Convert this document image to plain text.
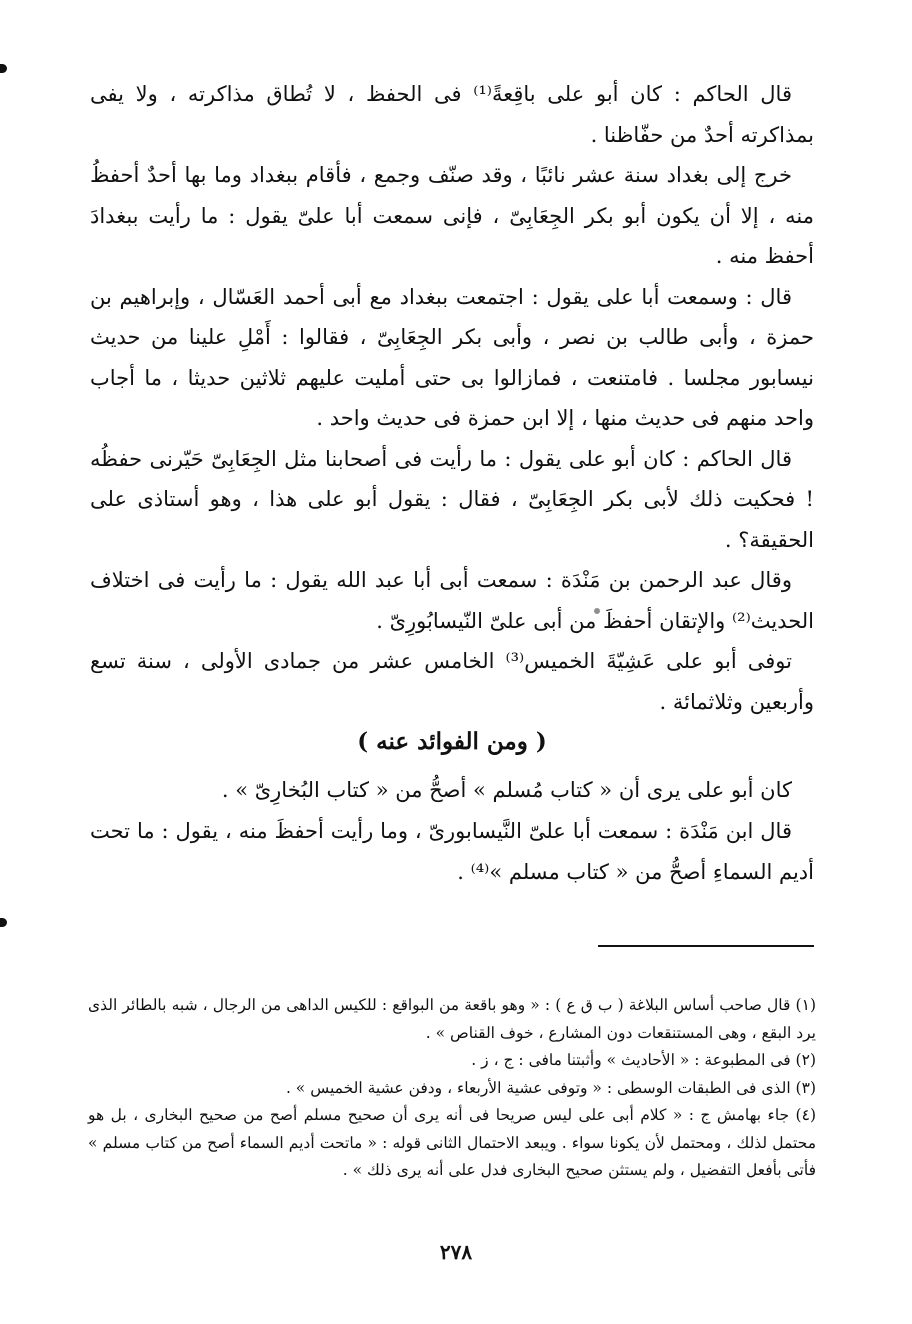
قال الحاكم : كان أبو على باقِعةً⁽¹⁾ فى الحفظ ، لا تُطاق مذاكرته ، ولا يفى بمذاكرته أحدٌ من حفّاظنا .

خرج إلى بغداد سنة عشر نائبًا ، وقد صنّف وجمع ، فأقام ببغداد وما بها أحدٌ أحفظُ منه ، إلا أن يكون أبو بكر الجِعَابِىّ ، فإنى سمعت أبا علىّ يقول : ما رأيت ببغدادَ أحفظ منه .

قال : وسمعت أبا على يقول : اجتمعت ببغداد مع أبى أحمد العَسّال ، وإبراهيم بن حمزة ، وأبى طالب بن نصر ، وأبى بكر الجِعَابِىّ ، فقالوا : أَمْلِ علينا من حديث نيسابور مجلسا . فامتنعت ، فمازالوا بى حتى أمليت عليهم ثلاثين حديثا ، ما أجاب واحد منهم فى حديث منها ، إلا ابن حمزة فى حديث واحد .

قال الحاكم : كان أبو على يقول : ما رأيت فى أصحابنا مثل الجِعَابِىّ حَيّرنى حفظُه ! فحكيت ذلك لأبى بكر الجِعَابِىّ ، فقال : يقول أبو على هذا ، وهو أستاذى على الحقيقة؟ .

وقال عبد الرحمن بن مَنْدَة : سمعت أبى أبا عبد الله يقول : ما رأيت فى اختلاف الحديث⁽²⁾ والإتقان أحفظَ من أبى علىّ النّيسابُورِىّ .

توفى أبو على عَشِيّةَ الخميس⁽³⁾ الخامس عشر من جمادى الأولى ، سنة تسع وأربعين وثلاثمائة .

( ومن الفوائد عنه )

كان أبو على يرى أن « كتاب مُسلم » أصحُّ من « كتاب البُخارِىّ » .

قال ابن مَنْدَة : سمعت أبا علىّ النَّيسابورىّ ، وما رأيت أحفظَ منه ، يقول : ما تحت أديم السماءِ أصحُّ من « كتاب مسلم »⁽⁴⁾ .

(١) قال صاحب أساس البلاغة ( ب ق ع ) : « وهو باقعة من البواقع : للكيس الداهى من الرجال ، شبه بالطائر الذى يرد البقع ، وهى المستنقعات دون المشارع ، خوف القناص » .

(٢) فى المطبوعة : « الأحاديث » وأثبتنا مافى : ج ، ز .

(٣) الذى فى الطبقات الوسطى : « وتوفى عشية الأربعاء ، ودفن عشية الخميس » .

(٤) جاء بهامش ج : « كلام أبى على ليس صريحا فى أنه يرى أن صحيح مسلم أصح من صحيح البخارى ، بل هو محتمل لذلك ، ومحتمل لأن يكونا سواء . ويبعد الاحتمال الثانى قوله : « ماتحت أديم السماء أصح من كتاب مسلم » فأتى بأفعل التفضيل ، ولم يستثن صحيح البخارى فدل على أنه يرى ذلك » .

٢٧٨
